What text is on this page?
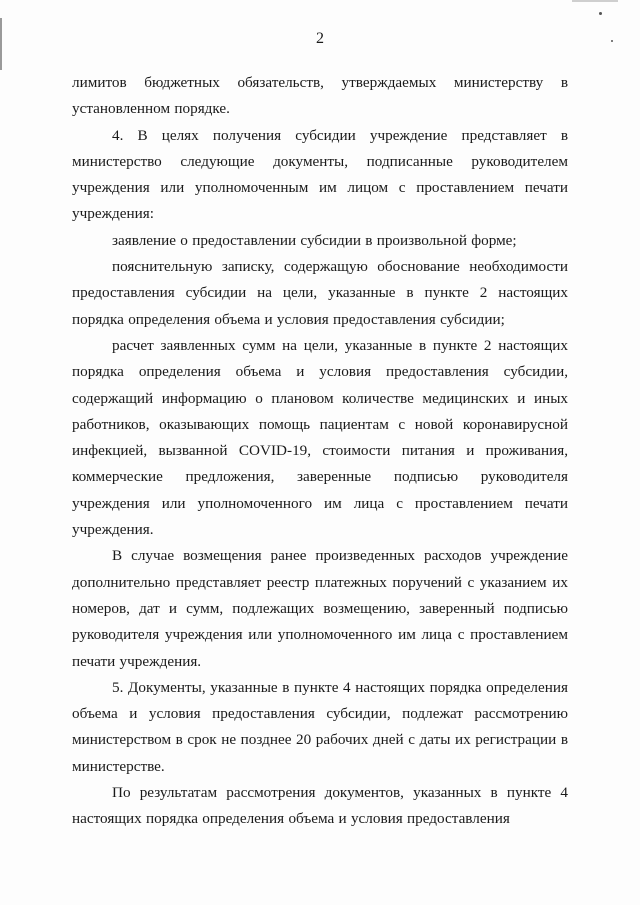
2

лимитов бюджетных обязательств, утверждаемых министерству в установленном порядке.

4. В целях получения субсидии учреждение представляет в министерство следующие документы, подписанные руководителем учреждения или уполномоченным им лицом с проставлением печати учреждения:

заявление о предоставлении субсидии в произвольной форме;

пояснительную записку, содержащую обоснование необходимости предоставления субсидии на цели, указанные в пункте 2 настоящих порядка определения объема и условия предоставления субсидии;

расчет заявленных сумм на цели, указанные в пункте 2 настоящих порядка определения объема и условия предоставления субсидии, содержащий информацию о плановом количестве медицинских и иных работников, оказывающих помощь пациентам с новой коронавирусной инфекцией, вызванной COVID-19, стоимости питания и проживания, коммерческие предложения, заверенные подписью руководителя учреждения или уполномоченного им лица с проставлением печати учреждения.

В случае возмещения ранее произведенных расходов учреждение дополнительно представляет реестр платежных поручений с указанием их номеров, дат и сумм, подлежащих возмещению, заверенный подписью руководителя учреждения или уполномоченного им лица с проставлением печати учреждения.

5. Документы, указанные в пункте 4 настоящих порядка определения объема и условия предоставления субсидии, подлежат рассмотрению министерством в срок не позднее 20 рабочих дней с даты их регистрации в министерстве.

По результатам рассмотрения документов, указанных в пункте 4 настоящих порядка определения объема и условия предоставления
